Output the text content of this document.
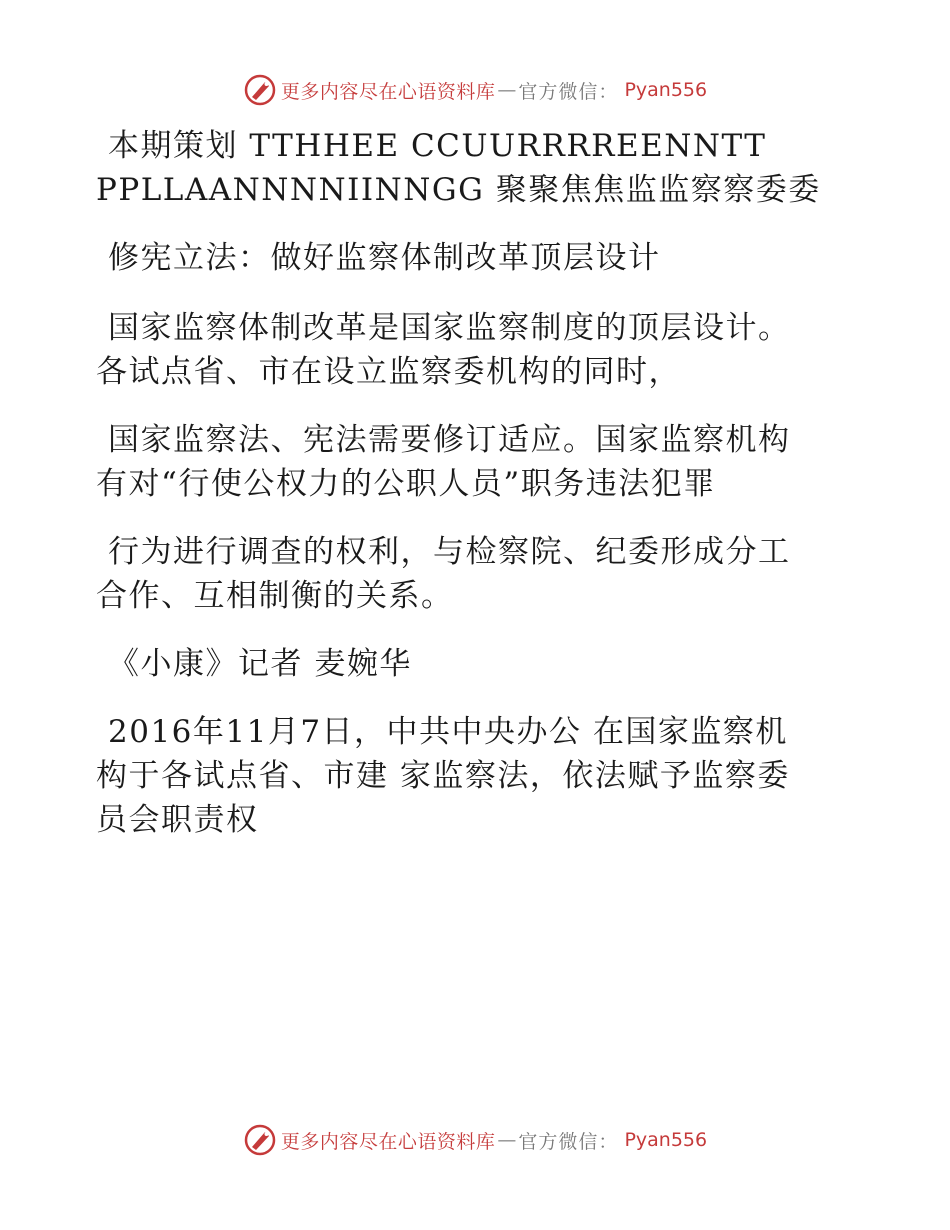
更多内容尽在心语资料库 — 官方微信： Pyan556
本期策划 TTHHEE CCUURRRREENNTT
PPLLAANNNNIINNGG 聚聚焦焦监监察察委委
修宪立法：做好监察体制改革顶层设计
国家监察体制改革是国家监察制度的顶层设计。
各试点省、市在设立监察委机构的同时，
国家监察法、宪法需要修订适应。国家监察机构
有对“行使公权力的公职人员”职务违法犯罪
行为进行调查的权利，与检察院、纪委形成分工
合作、互相制衡的关系。
《小康》记者 麦婉华
2016年11月7日，中共中央办公 在国家监察机
构于各试点省、市建 家监察法，依法赋予监察委
员会职责权
更多内容尽在心语资料库 — 官方微信： Pyan556
